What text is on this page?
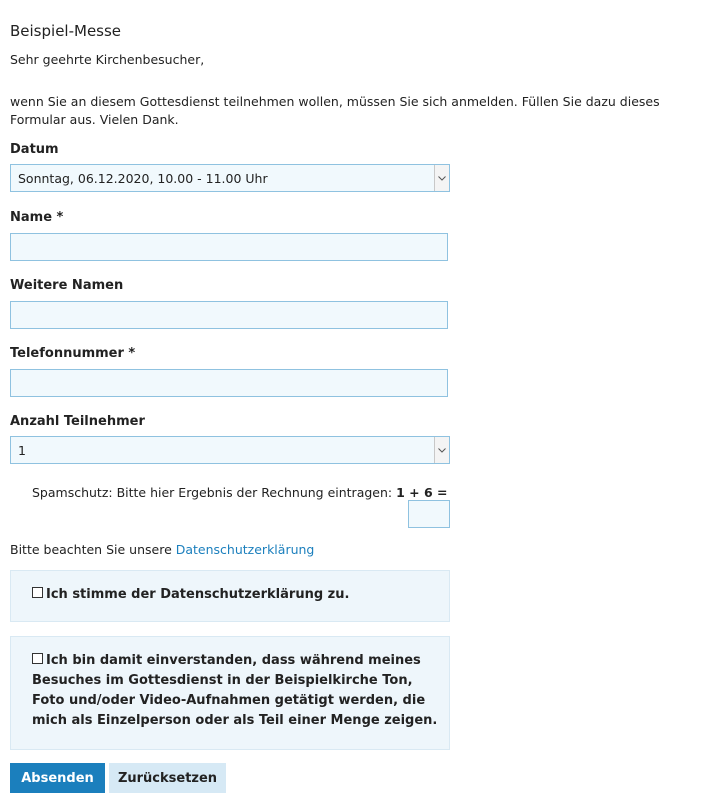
Beispiel-Messe
Sehr geehrte Kirchenbesucher,
wenn Sie an diesem Gottesdienst teilnehmen wollen, müssen Sie sich anmelden. Füllen Sie dazu dieses Formular aus. Vielen Dank.
Datum
Sonntag, 06.12.2020, 10.00 - 11.00 Uhr
Name *
Weitere Namen
Telefonnummer *
Anzahl Teilnehmer
1
Spamschutz: Bitte hier Ergebnis der Rechnung eintragen: 1 + 6 =
Bitte beachten Sie unsere Datenschutzerklärung
Ich stimme der Datenschutzerklärung zu.
Ich bin damit einverstanden, dass während meines Besuches im Gottesdienst in der Beispielkirche Ton, Foto und/oder Video-Aufnahmen getätigt werden, die mich als Einzelperson oder als Teil einer Menge zeigen.
Absenden	Zurücksetzen
